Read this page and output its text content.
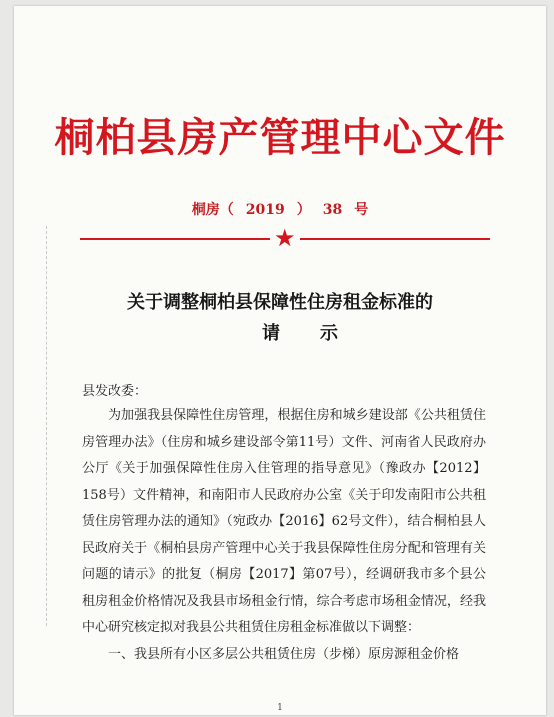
桐柏县房产管理中心文件
桐房（ 2019 ） 38 号
★
关于调整桐柏县保障性住房租金标准的
请示
县发改委：

为加强我县保障性住房管理，根据住房和城乡建设部《公共租赁住房管理办法》（住房和城乡建设部令第11号）文件、河南省人民政府办公厅《关于加强保障性住房入住管理的指导意见》（豫政办【2012】158号）文件精神，和南阳市人民政府办公室《关于印发南阳市公共租赁住房管理办法的通知》（宛政办【2016】62号文件），结合桐柏县人民政府关于《桐柏县房产管理中心关于我县保障性住房分配和管理有关问题的请示》的批复（桐房【2017】第07号），经调研我市多个县公租房租金价格情况及我县市场租金行情，综合考虑市场租金情况，经我中心研究核定拟对我县公共租赁住房租金标准做以下调整：

一、我县所有小区多层公共租赁住房（步梯）原房源租金价格

1
